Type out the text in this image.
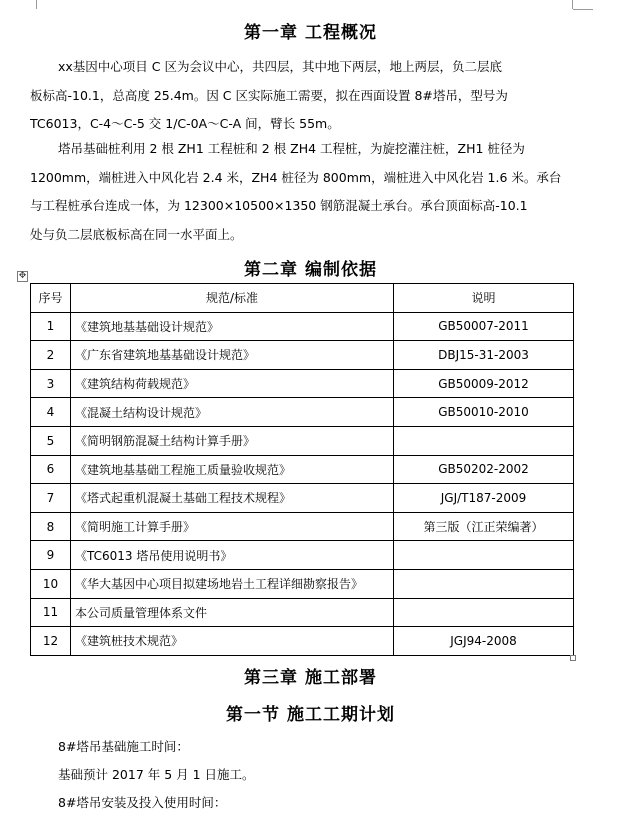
第一章 工程概况
xx基因中心项目 C 区为会议中心，共四层，其中地下两层，地上两层，负二层底
板标高-10.1，总高度 25.4m。因 C 区实际施工需要，拟在西面设置 8#塔吊，型号为
TC6013，C-4～C-5 交 1/C-0A～C-A 间，臂长 55m。
塔吊基础桩利用 2 根 ZH1 工程桩和 2 根 ZH4 工程桩，为旋挖灌注桩，ZH1 桩径为
1200mm，端桩进入中风化岩 2.4 米，ZH4 桩径为 800mm，端桩进入中风化岩 1.6 米。承台
与工程桩承台连成一体，为 12300×10500×1350 钢筋混凝土承台。承台顶面标高-10.1
处与负二层底板标高在同一水平面上。
第二章 编制依据
✥
序号	规范/标准	说明
1	《建筑地基基础设计规范》	GB50007-2011
2	《广东省建筑地基基础设计规范》	DBJ15-31-2003
3	《建筑结构荷载规范》	GB50009-2012
4	《混凝土结构设计规范》	GB50010-2010
5	《简明钢筋混凝土结构计算手册》	
6	《建筑地基基础工程施工质量验收规范》	GB50202-2002
7	《塔式起重机混凝土基础工程技术规程》	JGJ/T187-2009
8	《简明施工计算手册》	第三版（江正荣编著）
9	《TC6013 塔吊使用说明书》	
10	《华大基因中心项目拟建场地岩土工程详细勘察报告》	
11	本公司质量管理体系文件	
12	《建筑桩技术规范》	JGJ94-2008
第三章 施工部署
第一节 施工工期计划
8#塔吊基础施工时间：
基础预计 2017 年 5 月 1 日施工。
8#塔吊安装及投入使用时间：
